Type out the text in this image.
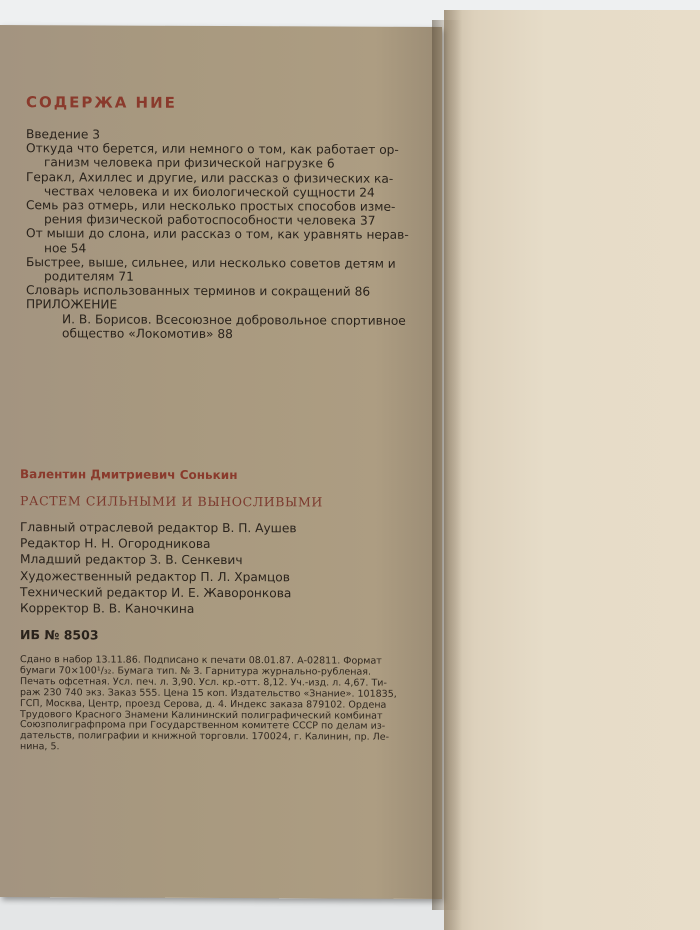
СОДЕРЖА НИЕ
Введение 3
Откуда что берется, или немного о том, как работает ор-
ганизм человека при физической нагрузке 6
Геракл, Ахиллес и другие, или рассказ о физических ка-
чествах человека и их биологической сущности 24
Семь раз отмерь, или несколько простых способов изме-
рения физической работоспособности человека 37
От мыши до слона, или рассказ о том, как уравнять нерав-
ное 54
Быстрее, выше, сильнее, или несколько советов детям и
родителям 71
Словарь использованных терминов и сокращений 86
ПРИЛОЖЕНИЕ
И. В. Борисов. Всесоюзное добровольное спортивное
общество «Локомотив» 88
Валентин Дмитриевич Сонькин
РАСТЕМ СИЛЬНЫМИ И ВЫНОСЛИВЫМИ
Главный отраслевой редактор В. П. Аушев
Редактор Н. Н. Огородникова
Младший редактор З. В. Сенкевич
Художественный редактор П. Л. Храмцов
Технический редактор И. Е. Жаворонкова
Корректор В. В. Каночкина
ИБ № 8503
Сдано в набор 13.11.86. Подписано к печати 08.01.87. А-02811. Формат
бумаги 70×100¹/₃₂. Бумага тип. № 3. Гарнитура журнально-рубленая.
Печать офсетная. Усл. печ. л. 3,90. Усл. кр.-отт. 8,12. Уч.-изд. л. 4,67. Ти-
раж 230 740 экз. Заказ 555. Цена 15 коп. Издательство «Знание». 101835,
ГСП, Москва, Центр, проезд Серова, д. 4. Индекс заказа 879102. Ордена
Трудового Красного Знамени Калининский полиграфический комбинат
Союзполиграфпрома при Государственном комитете СССР по делам из-
дательств, полиграфии и книжной торговли. 170024, г. Калинин, пр. Ле-
нина, 5.
